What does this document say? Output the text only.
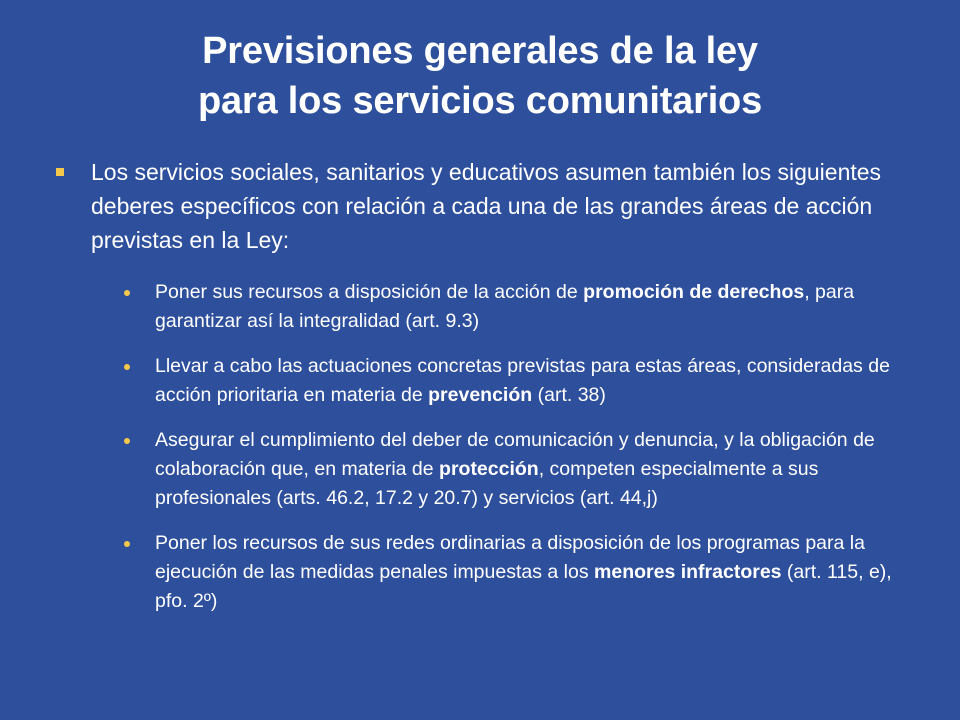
Previsiones generales de la ley
para los servicios comunitarios
Los servicios sociales, sanitarios y educativos asumen también los siguientes deberes específicos con relación a cada una de las grandes áreas de acción previstas en la Ley:
Poner sus recursos a disposición de la acción de promoción de derechos, para garantizar así la integralidad (art. 9.3)
Llevar a cabo las actuaciones concretas previstas para estas áreas, consideradas de acción prioritaria en materia de prevención (art. 38)
Asegurar el cumplimiento del deber de comunicación y denuncia, y la obligación de colaboración que, en materia de protección, competen especialmente a sus profesionales (arts. 46.2, 17.2 y 20.7) y servicios (art. 44,j)
Poner los recursos de sus redes ordinarias a disposición de los programas para la ejecución de las medidas penales impuestas a los menores infractores (art. 115, e), pfo. 2º)
